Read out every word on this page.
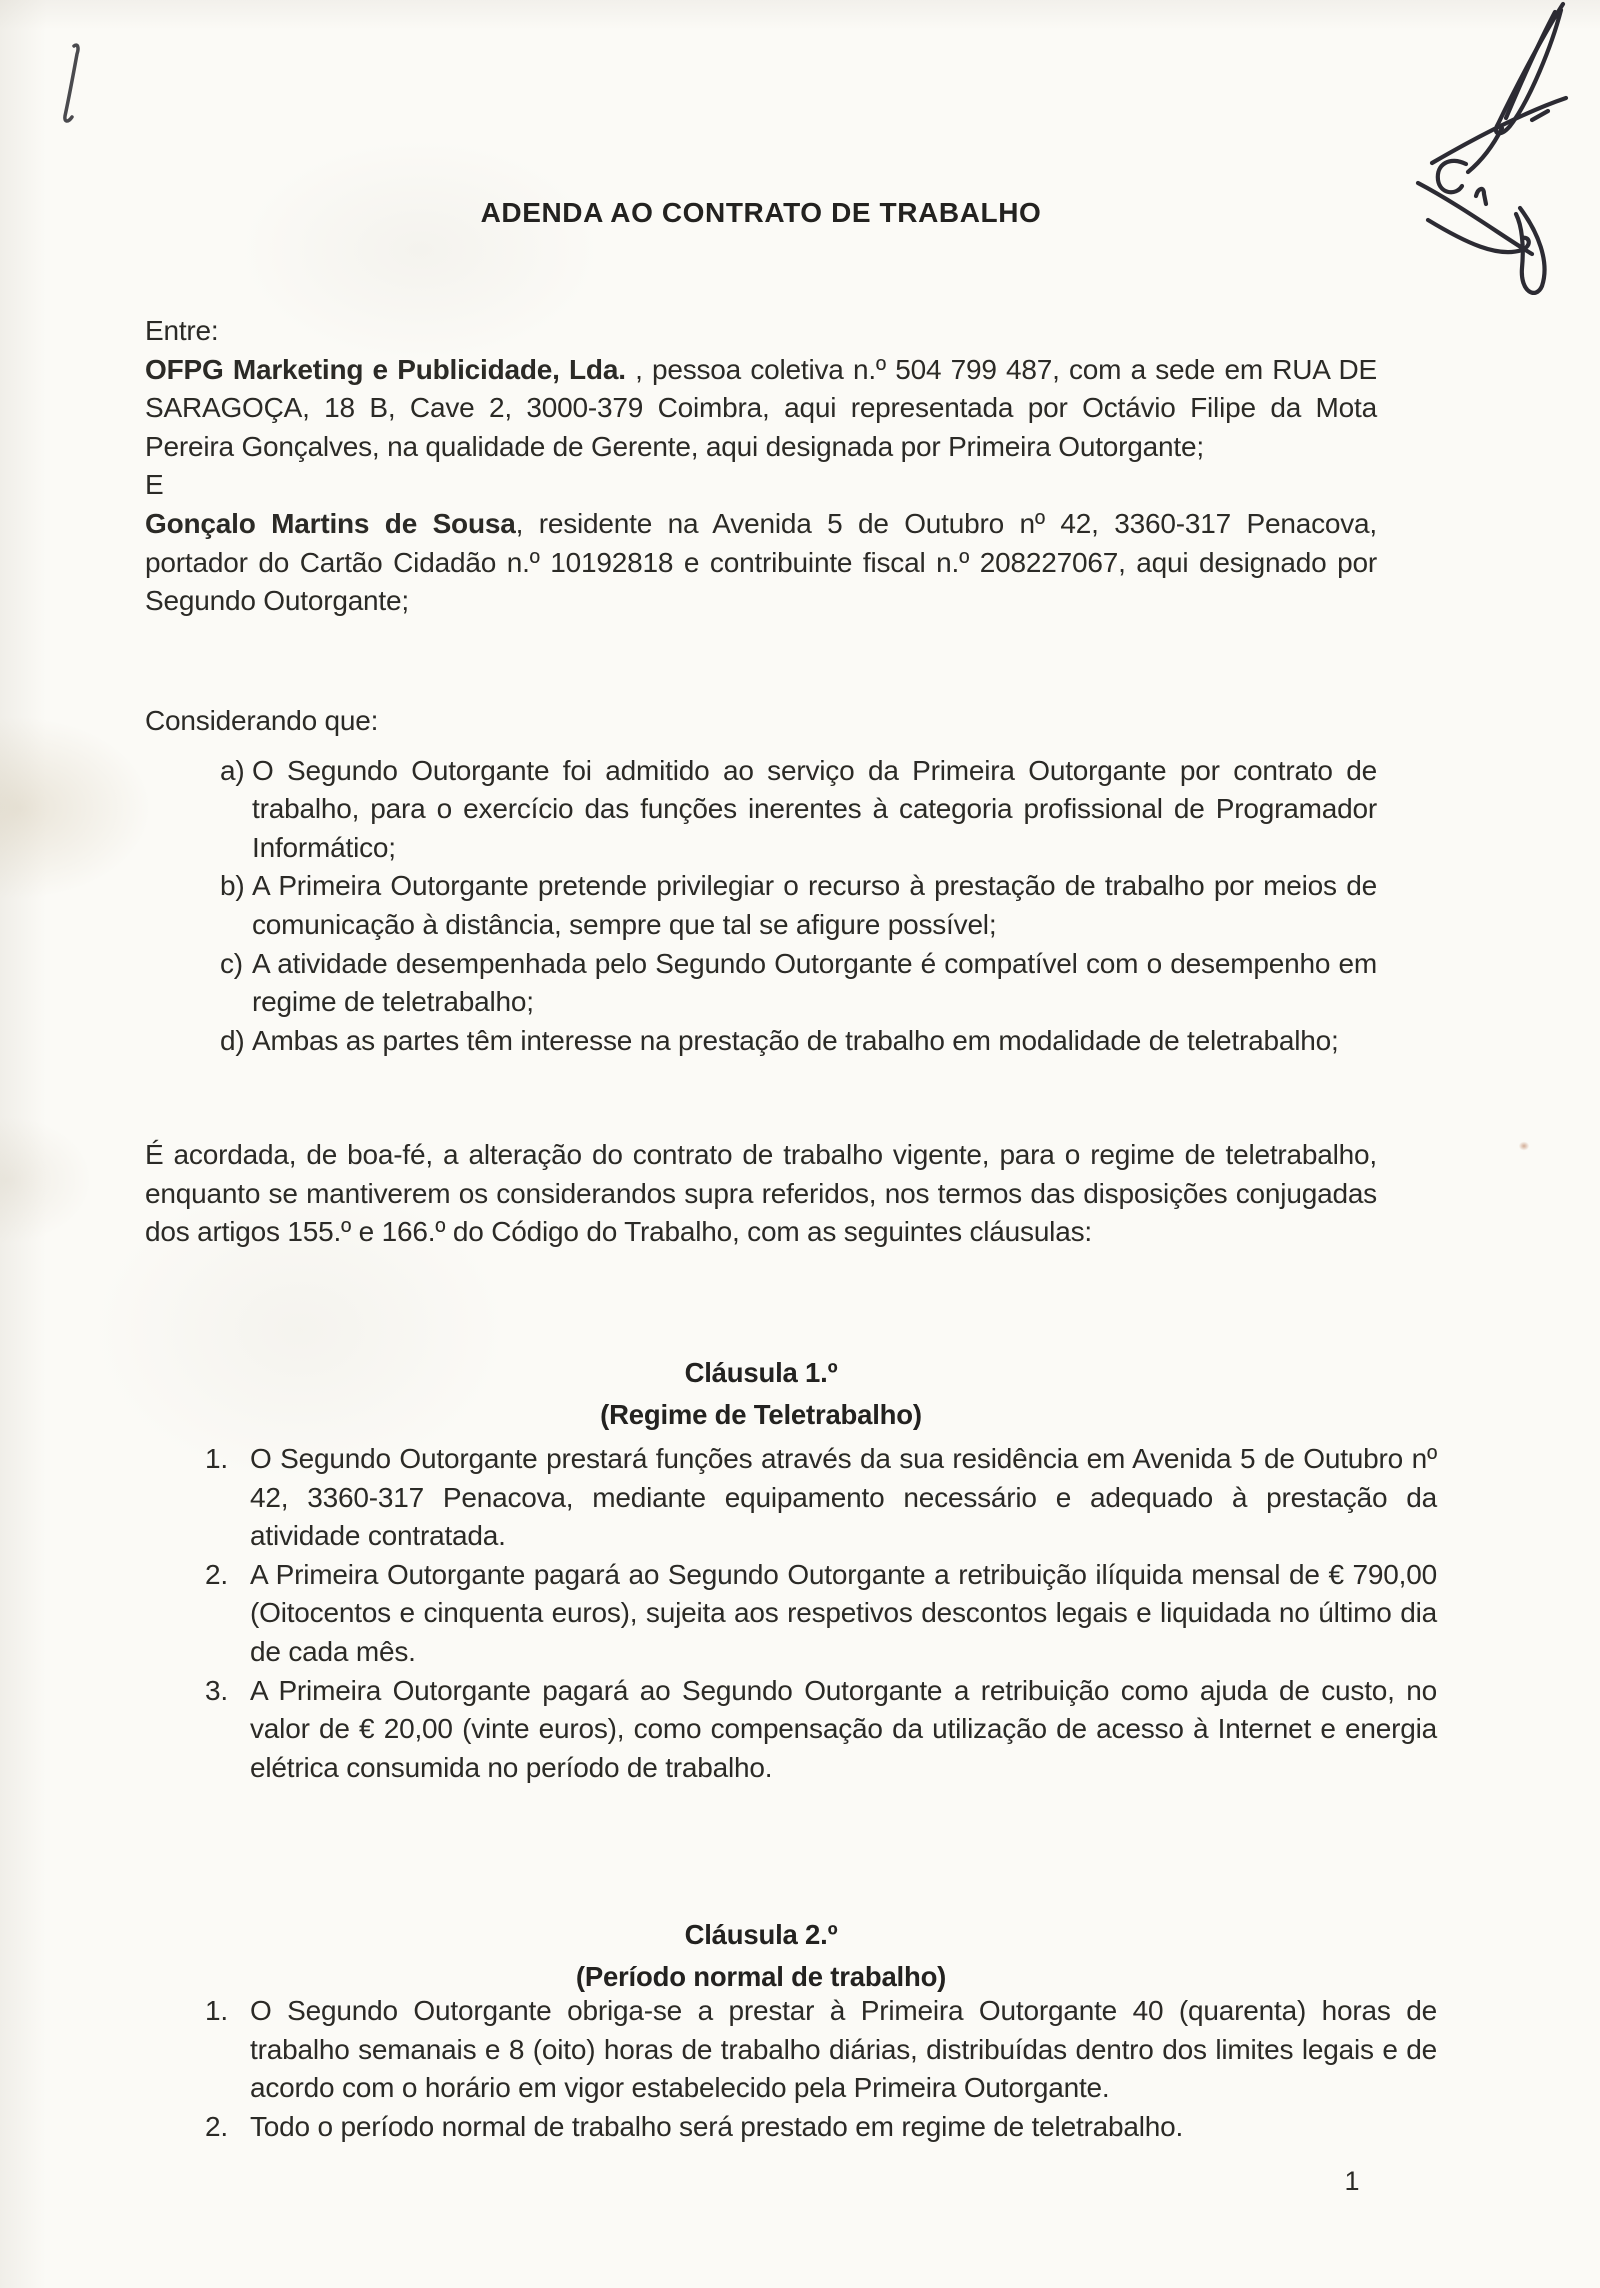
ADENDA AO CONTRATO DE TRABALHO

Entre:

OFPG Marketing e Publicidade, Lda. , pessoa coletiva n.º 504 799 487, com a sede em RUA DE SARAGOÇA, 18 B, Cave 2, 3000-379 Coimbra, aqui representada por Octávio Filipe da Mota Pereira Gonçalves, na qualidade de Gerente, aqui designada por Primeira Outorgante;

E

Gonçalo Martins de Sousa, residente na Avenida 5 de Outubro nº 42, 3360-317 Penacova, portador do Cartão Cidadão n.º 10192818 e contribuinte fiscal n.º 208227067, aqui designado por Segundo Outorgante;

Considerando que:

a) O Segundo Outorgante foi admitido ao serviço da Primeira Outorgante por contrato de trabalho, para o exercício das funções inerentes à categoria profissional de Programador Informático;
b) A Primeira Outorgante pretende privilegiar o recurso à prestação de trabalho por meios de comunicação à distância, sempre que tal se afigure possível;
c) A atividade desempenhada pelo Segundo Outorgante é compatível com o desempenho em regime de teletrabalho;
d) Ambas as partes têm interesse na prestação de trabalho em modalidade de teletrabalho;
É acordada, de boa-fé, a alteração do contrato de trabalho vigente, para o regime de teletrabalho, enquanto se mantiverem os considerandos supra referidos, nos termos das disposições conjugadas dos artigos 155.º e 166.º do Código do Trabalho, com as seguintes cláusulas:
Cláusula 1.º
(Regime de Teletrabalho)
1. O Segundo Outorgante prestará funções através da sua residência em Avenida 5 de Outubro nº 42, 3360-317 Penacova, mediante equipamento necessário e adequado à prestação da atividade contratada.
2. A Primeira Outorgante pagará ao Segundo Outorgante a retribuição ilíquida mensal de € 790,00 (Oitocentos e cinquenta euros), sujeita aos respetivos descontos legais e liquidada no último dia de cada mês.
3. A Primeira Outorgante pagará ao Segundo Outorgante a retribuição como ajuda de custo, no valor de € 20,00 (vinte euros), como compensação da utilização de acesso à Internet e energia elétrica consumida no período de trabalho.
Cláusula 2.º
(Período normal de trabalho)
1. O Segundo Outorgante obriga-se a prestar à Primeira Outorgante 40 (quarenta) horas de trabalho semanais e 8 (oito) horas de trabalho diárias, distribuídas dentro dos limites legais e de acordo com o horário em vigor estabelecido pela Primeira Outorgante.
2. Todo o período normal de trabalho será prestado em regime de teletrabalho.
1
